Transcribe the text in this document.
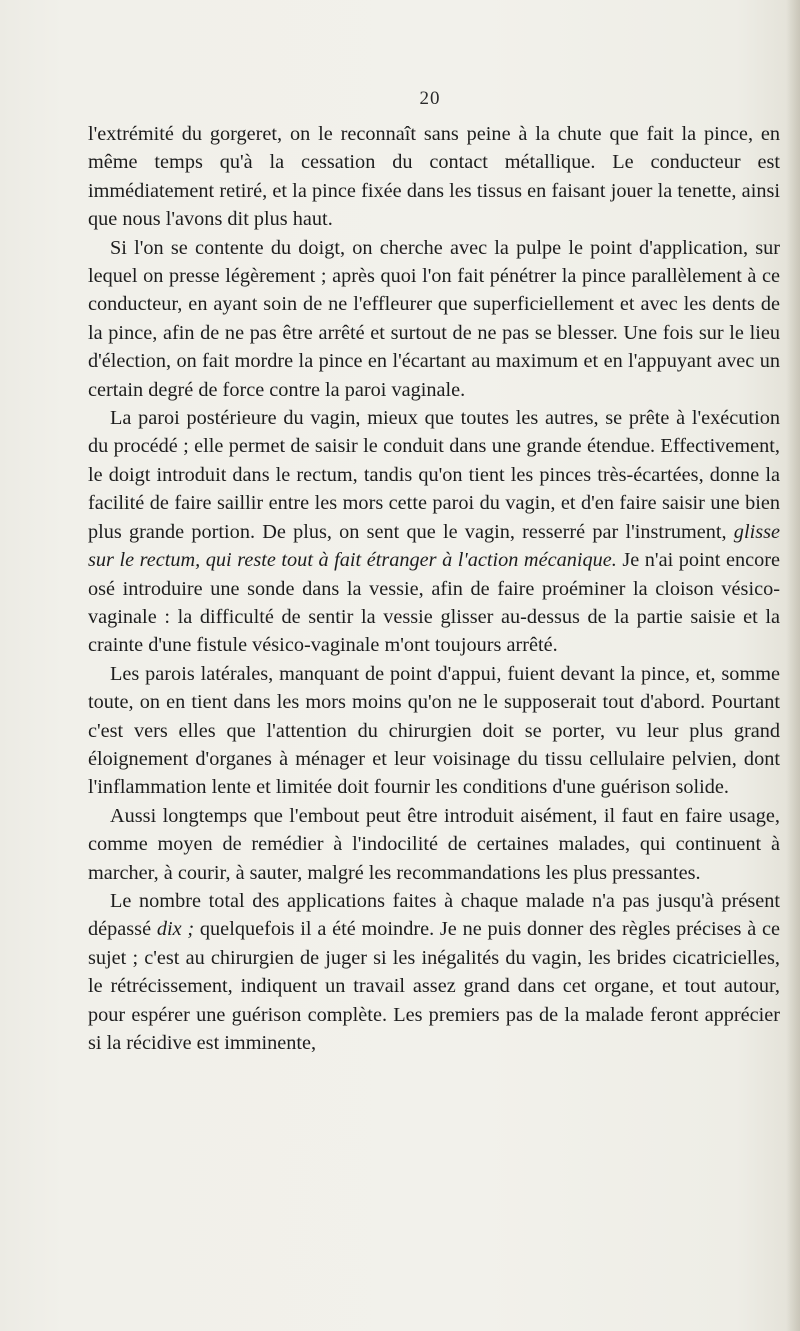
20

l'extrémité du gorgeret, on le reconnaît sans peine à la chute que fait la pince, en même temps qu'à la cessation du contact métallique. Le conducteur est immédiatement retiré, et la pince fixée dans les tissus en faisant jouer la tenette, ainsi que nous l'avons dit plus haut.

Si l'on se contente du doigt, on cherche avec la pulpe le point d'application, sur lequel on presse légèrement ; après quoi l'on fait pénétrer la pince parallèlement à ce conducteur, en ayant soin de ne l'effleurer que superficiellement et avec les dents de la pince, afin de ne pas être arrêté et surtout de ne pas se blesser. Une fois sur le lieu d'élection, on fait mordre la pince en l'écartant au maximum et en l'appuyant avec un certain degré de force contre la paroi vaginale.

La paroi postérieure du vagin, mieux que toutes les autres, se prête à l'exécution du procédé ; elle permet de saisir le conduit dans une grande étendue. Effectivement, le doigt introduit dans le rectum, tandis qu'on tient les pinces très-écartées, donne la facilité de faire saillir entre les mors cette paroi du vagin, et d'en faire saisir une bien plus grande portion. De plus, on sent que le vagin, resserré par l'instrument, glisse sur le rectum, qui reste tout à fait étranger à l'action mécanique. Je n'ai point encore osé introduire une sonde dans la vessie, afin de faire proéminer la cloison vésico-vaginale : la difficulté de sentir la vessie glisser au-dessus de la partie saisie et la crainte d'une fistule vésico-vaginale m'ont toujours arrêté.

Les parois latérales, manquant de point d'appui, fuient devant la pince, et, somme toute, on en tient dans les mors moins qu'on ne le supposerait tout d'abord. Pourtant c'est vers elles que l'attention du chirurgien doit se porter, vu leur plus grand éloignement d'organes à ménager et leur voisinage du tissu cellulaire pelvien, dont l'inflammation lente et limitée doit fournir les conditions d'une guérison solide.

Aussi longtemps que l'embout peut être introduit aisément, il faut en faire usage, comme moyen de remédier à l'indocilité de certaines malades, qui continuent à marcher, à courir, à sauter, malgré les recommandations les plus pressantes.

Le nombre total des applications faites à chaque malade n'a pas jusqu'à présent dépassé dix ; quelquefois il a été moindre. Je ne puis donner des règles précises à ce sujet ; c'est au chirurgien de juger si les inégalités du vagin, les brides cicatricielles, le rétrécissement, indiquent un travail assez grand dans cet organe, et tout autour, pour espérer une guérison complète. Les premiers pas de la malade feront apprécier si la récidive est imminente,
